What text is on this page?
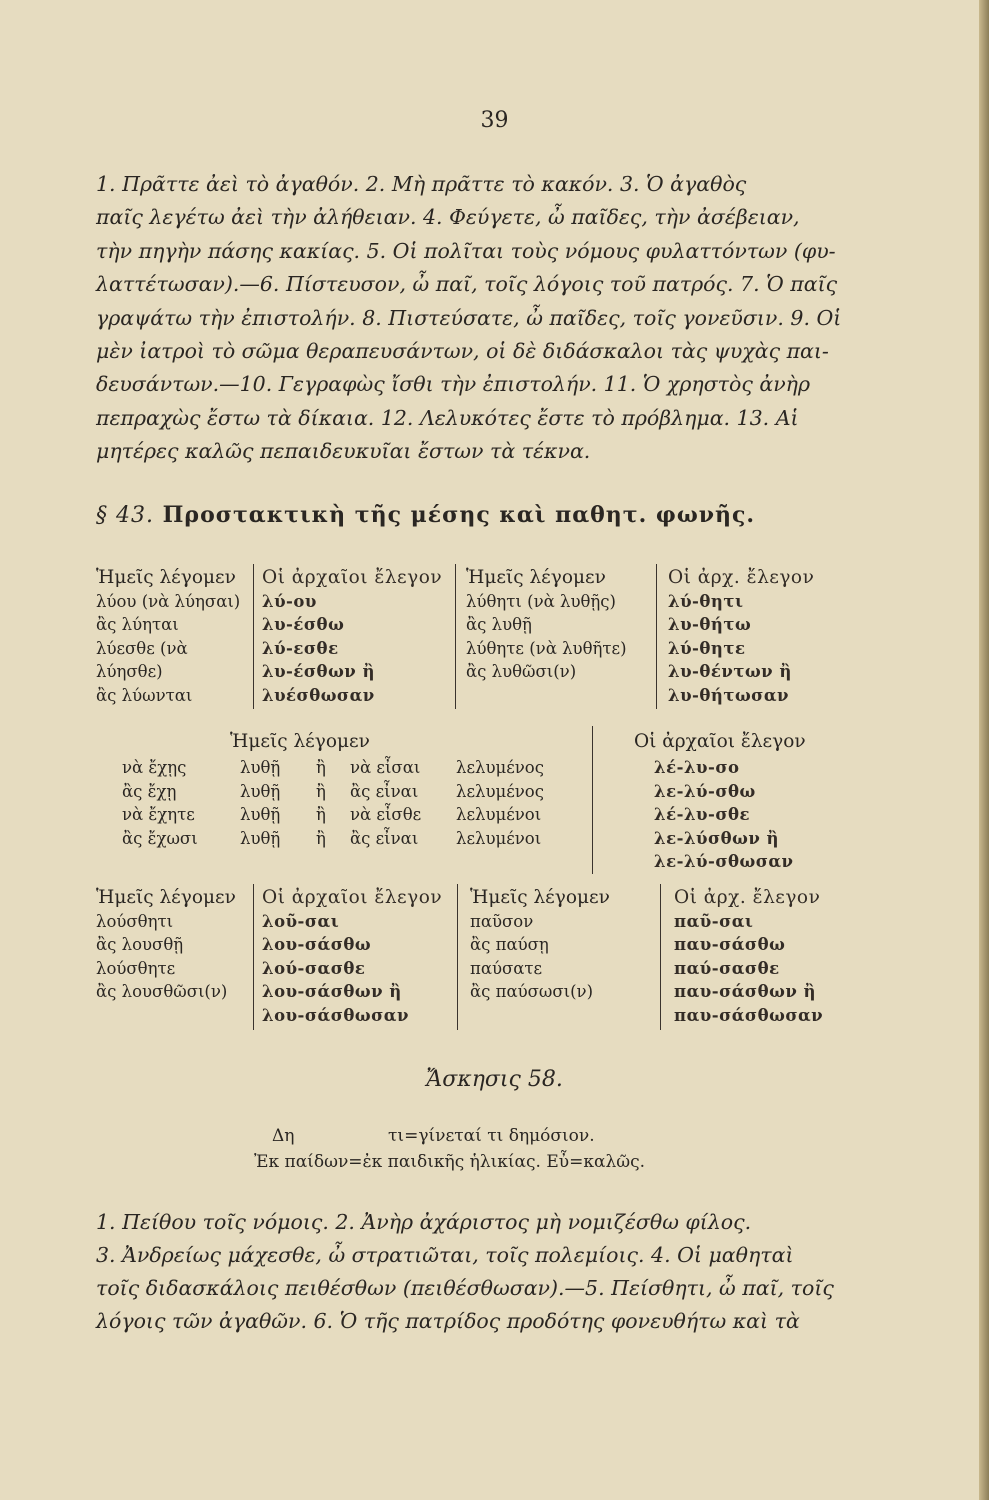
39

1. Πρᾶττε ἀεὶ τὸ ἀγαθόν. 2. Μὴ πρᾶττε τὸ κακόν. 3. Ὁ ἀγαθὸς

παῖς λεγέτω ἀεὶ τὴν ἀλήθειαν. 4. Φεύγετε, ὦ παῖδες, τὴν ἀσέβειαν,

τὴν πηγὴν πάσης κακίας. 5. Οἱ πολῖται τοὺς νόμους φυλαττόντων (φυ-

λαττέτωσαν).—6. Πίστευσον, ὦ παῖ, τοῖς λόγοις τοῦ πατρός. 7. Ὁ παῖς

γραψάτω τὴν ἐπιστολήν. 8. Πιστεύσατε, ὦ παῖδες, τοῖς γονεῦσιν. 9. Οἱ

μὲν ἰατροὶ τὸ σῶμα θεραπευσάντων, οἱ δὲ διδάσκαλοι τὰς ψυχὰς παι-

δευσάντων.—10. Γεγραφὼς ἴσθι τὴν ἐπιστολήν. 11. Ὁ χρηστὸς ἀνὴρ

πεπραχὼς ἔστω τὰ δίκαια. 12. Λελυκότες ἔστε τὸ πρόβλημα. 13. Αἱ

μητέρες καλῶς πεπαιδευκυῖαι ἔστων τὰ τέκνα.

§ 43. Προστακτικὴ τῆς μέσης καὶ παθητ. φωνῆς.
Ἡμεῖς λέγομεν
λύου (νὰ λύησαι)
ἂς λύηται
λύεσθε (νὰ λύησθε)
ἂς λύωνται
Οἱ ἀρχαῖοι ἔλεγον
λύ-ου
λυ-έσθω
λύ-εσθε
λυ-έσθων ἢ
λυέσθωσαν
Ἡμεῖς λέγομεν
λύθητι (νὰ λυθῇς)
ἂς λυθῇ
λύθητε (νὰ λυθῆτε)
ἂς λυθῶσι(ν)
Οἱ ἀρχ. ἔλεγον
λύ-θητι
λυ-θήτω
λύ-θητε
λυ-θέντων ἢ
λυ-θήτωσαν
Ἡμεῖς λέγομεν	Οἱ ἀρχαῖοι ἔλεγον
νὰ ἔχῃς
ἂς ἔχῃ
νὰ ἔχητε
ἂς ἔχωσι
λυθῇ
λυθῇ
λυθῇ
λυθῇ
ἢ
ἢ
ἢ
ἢ
νὰ εἶσαι
ἂς εἶναι
νὰ εἶσθε
ἂς εἶναι
λελυμένος
λελυμένος
λελυμένοι
λελυμένοι
λέ-λυ-σο
λε-λύ-σθω
λέ-λυ-σθε
λε-λύσθων ἢ
λε-λύ-σθωσαν
Ἡμεῖς λέγομεν
λούσθητι
ἂς λουσθῇ
λούσθητε
ἂς λουσθῶσι(ν)
Οἱ ἀρχαῖοι ἔλεγον
λοῦ-σαι
λου-σάσθω
λού-σασθε
λου-σάσθων ἢ
λου-σάσθωσαν
Ἡμεῖς λέγομεν
παῦσον
ἂς παύσῃ
παύσατε
ἂς παύσωσι(ν)
Οἱ ἀρχ. ἔλεγον
παῦ-σαι
παυ-σάσθω
παύ-σασθε
παυ-σάσθων ἢ
παυ-σάσθωσαν
Ἄσκησις 58.
Δη	τι=γίνεταί τι δημόσιον.
Ἐκ παίδων=ἐκ παιδικῆς ἡλικίας. Εὖ=καλῶς.

1. Πείθου τοῖς νόμοις. 2. Ἀνὴρ ἀχάριστος μὴ νομιζέσθω φίλος.

3. Ἀνδρείως μάχεσθε, ὦ στρατιῶται, τοῖς πολεμίοις. 4. Οἱ μαθηταὶ

τοῖς διδασκάλοις πειθέσθων (πειθέσθωσαν).—5. Πείσθητι, ὦ παῖ, τοῖς

λόγοις τῶν ἀγαθῶν. 6. Ὁ τῆς πατρίδος προδότης φονευθήτω καὶ τὰ
